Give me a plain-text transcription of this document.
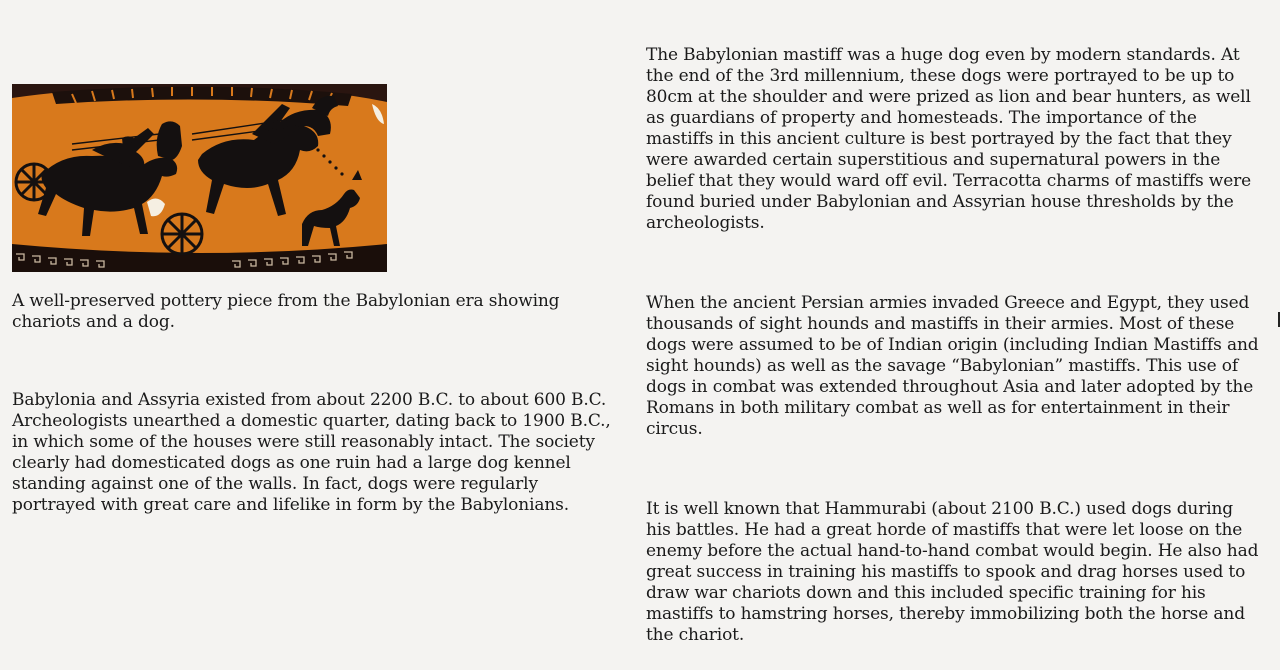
A well-preserved pottery piece from the Babylonian era showing chariots and a dog.

Babylonia and Assyria existed from about 2200 B.C. to about 600 B.C. Archeologists unearthed a domestic quarter, dating back to 1900 B.C., in which some of the houses were still reasonably intact. The society clearly had domesticated dogs as one ruin had a large dog kennel standing against one of the walls. In fact, dogs were regularly portrayed with great care and lifelike in form by the Babylonians.

The Babylonian mastiff was a huge dog even by modern standards. At the end of the 3rd millennium, these dogs were portrayed to be up to 80cm at the shoulder and were prized as lion and bear hunters, as well as guardians of property and homesteads. The importance of the mastiffs in this ancient culture is best portrayed by the fact that they were awarded certain superstitious and supernatural powers in the belief that they would ward off evil. Terracotta charms of mastiffs were found buried under Babylonian and Assyrian house thresholds by the archeologists.

When the ancient Persian armies invaded Greece and Egypt, they used thousands of sight hounds and mastiffs in their armies. Most of these dogs were assumed to be of Indian origin (including Indian Mastiffs and sight hounds) as well as the savage “Babylonian” mastiffs. This use of dogs in combat was extended throughout Asia and later adopted by the Romans in both military combat as well as for entertainment in their circus.

It is well known that Hammurabi (about 2100 B.C.) used dogs during his battles. He had a great horde of mastiffs that were let loose on the enemy before the actual hand-to-hand combat would begin. He also had great success in training his mastiffs to spook and drag horses used to draw war chariots down and this included specific training for his mastiffs to hamstring horses, thereby immobilizing both the horse and the chariot.
